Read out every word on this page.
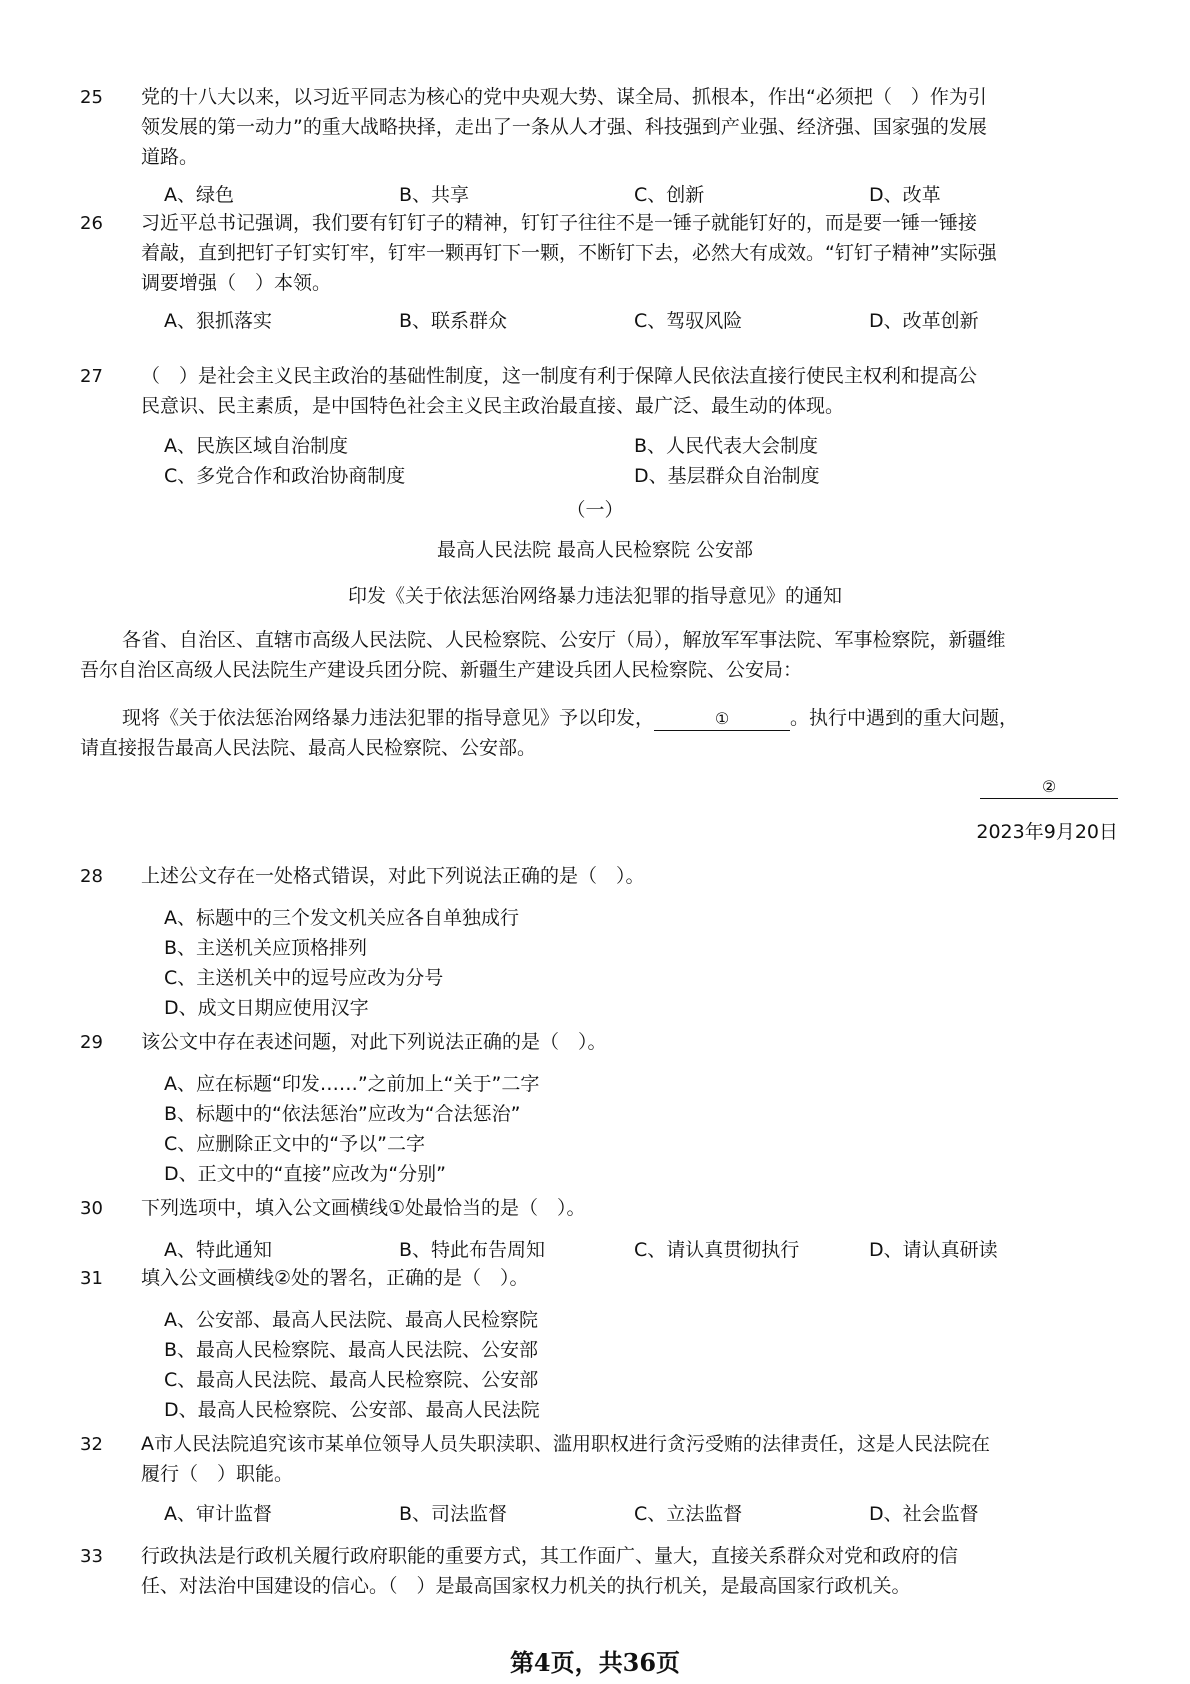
25	党的十八大以来，以习近平同志为核心的党中央观大势、谋全局、抓根本，作出“必须把（　）作为引
领发展的第一动力”的重大战略抉择，走出了一条从人才强、科技强到产业强、经济强、国家强的发展
道路。
A、绿色	B、共享	C、创新	D、改革
26	习近平总书记强调，我们要有钉钉子的精神，钉钉子往往不是一锤子就能钉好的，而是要一锤一锤接
着敲，直到把钉子钉实钉牢，钉牢一颗再钉下一颗，不断钉下去，必然大有成效。“钉钉子精神”实际强
调要增强（　）本领。
A、狠抓落实	B、联系群众	C、驾驭风险	D、改革创新
27	（　）是社会主义民主政治的基础性制度，这一制度有利于保障人民依法直接行使民主权利和提高公
民意识、民主素质，是中国特色社会主义民主政治最直接、最广泛、最生动的体现。
A、民族区域自治制度	B、人民代表大会制度
C、多党合作和政治协商制度	D、基层群众自治制度
（一）
最高人民法院 最高人民检察院 公安部
印发《关于依法惩治网络暴力违法犯罪的指导意见》的通知
各省、自治区、直辖市高级人民法院、人民检察院、公安厅（局），解放军军事法院、军事检察院，新疆维
吾尔自治区高级人民法院生产建设兵团分院、新疆生产建设兵团人民检察院、公安局：
现将《关于依法惩治网络暴力违法犯罪的指导意见》予以印发，	①	。执行中遇到的重大问题，
请直接报告最高人民法院、最高人民检察院、公安部。
②
2023年9月20日
28	上述公文存在一处格式错误，对此下列说法正确的是（　）。
A、标题中的三个发文机关应各自单独成行
B、主送机关应顶格排列
C、主送机关中的逗号应改为分号
D、成文日期应使用汉字
29	该公文中存在表述问题，对此下列说法正确的是（　）。
A、应在标题“印发……”之前加上“关于”二字
B、标题中的“依法惩治”应改为“合法惩治”
C、应删除正文中的“予以”二字
D、正文中的“直接”应改为“分别”
30	下列选项中，填入公文画横线①处最恰当的是（　）。
A、特此通知	B、特此布告周知	C、请认真贯彻执行	D、请认真研读
31	填入公文画横线②处的署名，正确的是（　）。
A、公安部、最高人民法院、最高人民检察院
B、最高人民检察院、最高人民法院、公安部
C、最高人民法院、最高人民检察院、公安部
D、最高人民检察院、公安部、最高人民法院
32	A市人民法院追究该市某单位领导人员失职渎职、滥用职权进行贪污受贿的法律责任，这是人民法院在
履行（　）职能。
A、审计监督	B、司法监督	C、立法监督	D、社会监督
33	行政执法是行政机关履行政府职能的重要方式，其工作面广、量大，直接关系群众对党和政府的信
任、对法治中国建设的信心。（　）是最高国家权力机关的执行机关，是最高国家行政机关。
第4页，共36页
